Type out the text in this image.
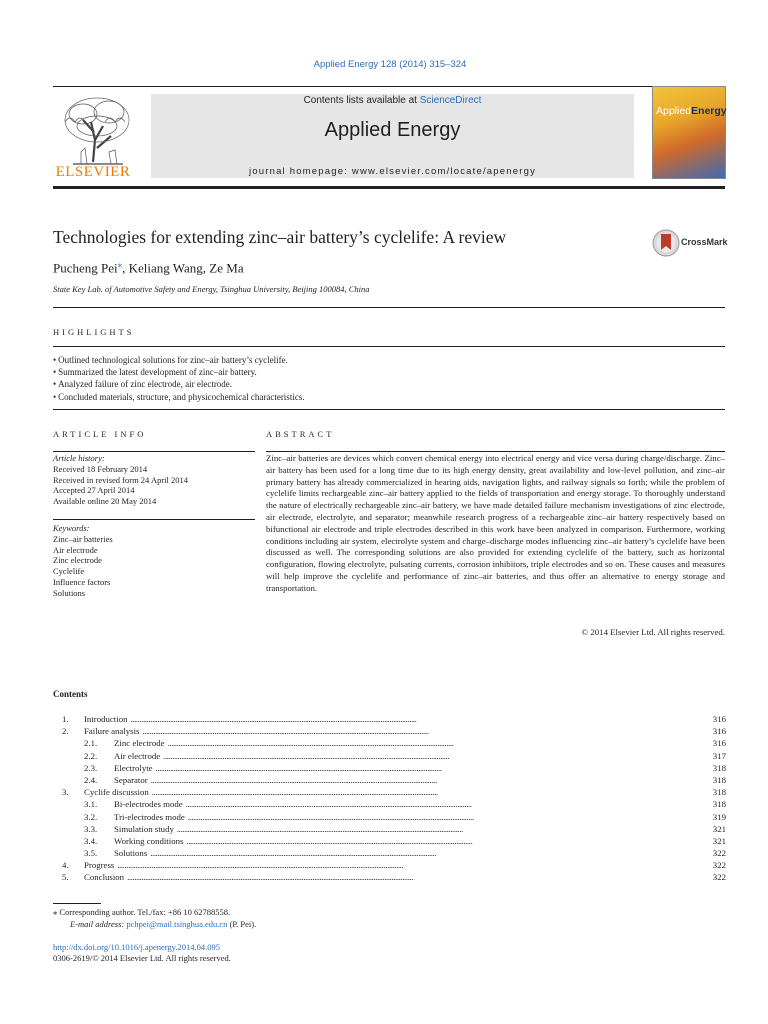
Applied Energy 128 (2014) 315–324
ELSEVIER
Contents lists available at ScienceDirect
Applied Energy
journal homepage: www.elsevier.com/locate/apenergy
AppliedEnergy
Technologies for extending zinc–air battery’s cyclelife: A review	CrossMark
Pucheng Pei⁎, Keliang Wang, Ze Ma
State Key Lab. of Automotive Safety and Energy, Tsinghua University, Beijing 100084, China
HIGHLIGHTS
• Outlined technological solutions for zinc–air battery’s cyclelife.
• Summarized the latest development of zinc–air battery.
• Analyzed failure of zinc electrode, air electrode.
• Concluded materials, structure, and physicochemical characteristics.
ARTICLE INFO	ABSTRACT
Article history:
Received 18 February 2014
Received in revised form 24 April 2014
Accepted 27 April 2014
Available online 20 May 2014
Keywords:
Zinc–air batteries
Air electrode
Zinc electrode
Cyclelife
Influence factors
Solutions
Zinc–air batteries are devices which convert chemical energy into electrical energy and vice versa during charge/discharge. Zinc–air battery has been used for a long time due to its high energy density, great availability and low-level pollution, and zinc–air primary battery has already commercialized in hearing aids, navigation lights, and railway signals so forth; while the problem of cyclelife limits rechargeable zinc–air battery applied to the fields of transportation and energy storage. To thoroughly understand the nature of electrically rechargeable zinc–air battery, we have made detailed failure mechanism investigations of zinc electrode, air electrode, electrolyte, and separator; meanwhile research progress of a rechargeable zinc–air battery respectively based on bifunctional air electrode and triple electrodes described in this work have been analyzed in comparison. Furthermore, working conditions including air system, electrolyte system and charge–discharge modes influencing zinc–air battery’s cyclelife have been discussed as well. The corresponding solutions are also provided for extending cyclelife of the battery, such as horizontal configuration, flowing electrolyte, pulsating currents, corrosion inhibitors, triple electrodes and so on. These causes and measures will help improve the cyclelife and performance of zinc–air batteries, and thus offer an alternative to energy storage and transportation.
© 2014 Elsevier Ltd. All rights reserved.
Contents
1.	Introduction . . .	316
2.	Failure analysis . . .	316
2.1.	Zinc electrode . . .	316
2.2.	Air electrode . . .	317
2.3.	Electrolyte . . .	318
2.4.	Separator . . .	318
3.	Cyclife discussion . . .	318
3.1.	Bi-electrodes mode . . .	318
3.2.	Tri-electrodes mode . . .	319
3.3.	Simulation study . . .	321
3.4.	Working conditions . . .	321
3.5.	Solutions . . .	322
4.	Progress . . .	322
5.	Conclusion . . .	322
⁎ Corresponding author. Tel./fax: +86 10 62788558.
E-mail address: pchpei@mail.tsinghua.edu.cn (P. Pei).
http://dx.doi.org/10.1016/j.apenergy.2014.04.095
0306-2619/© 2014 Elsevier Ltd. All rights reserved.
